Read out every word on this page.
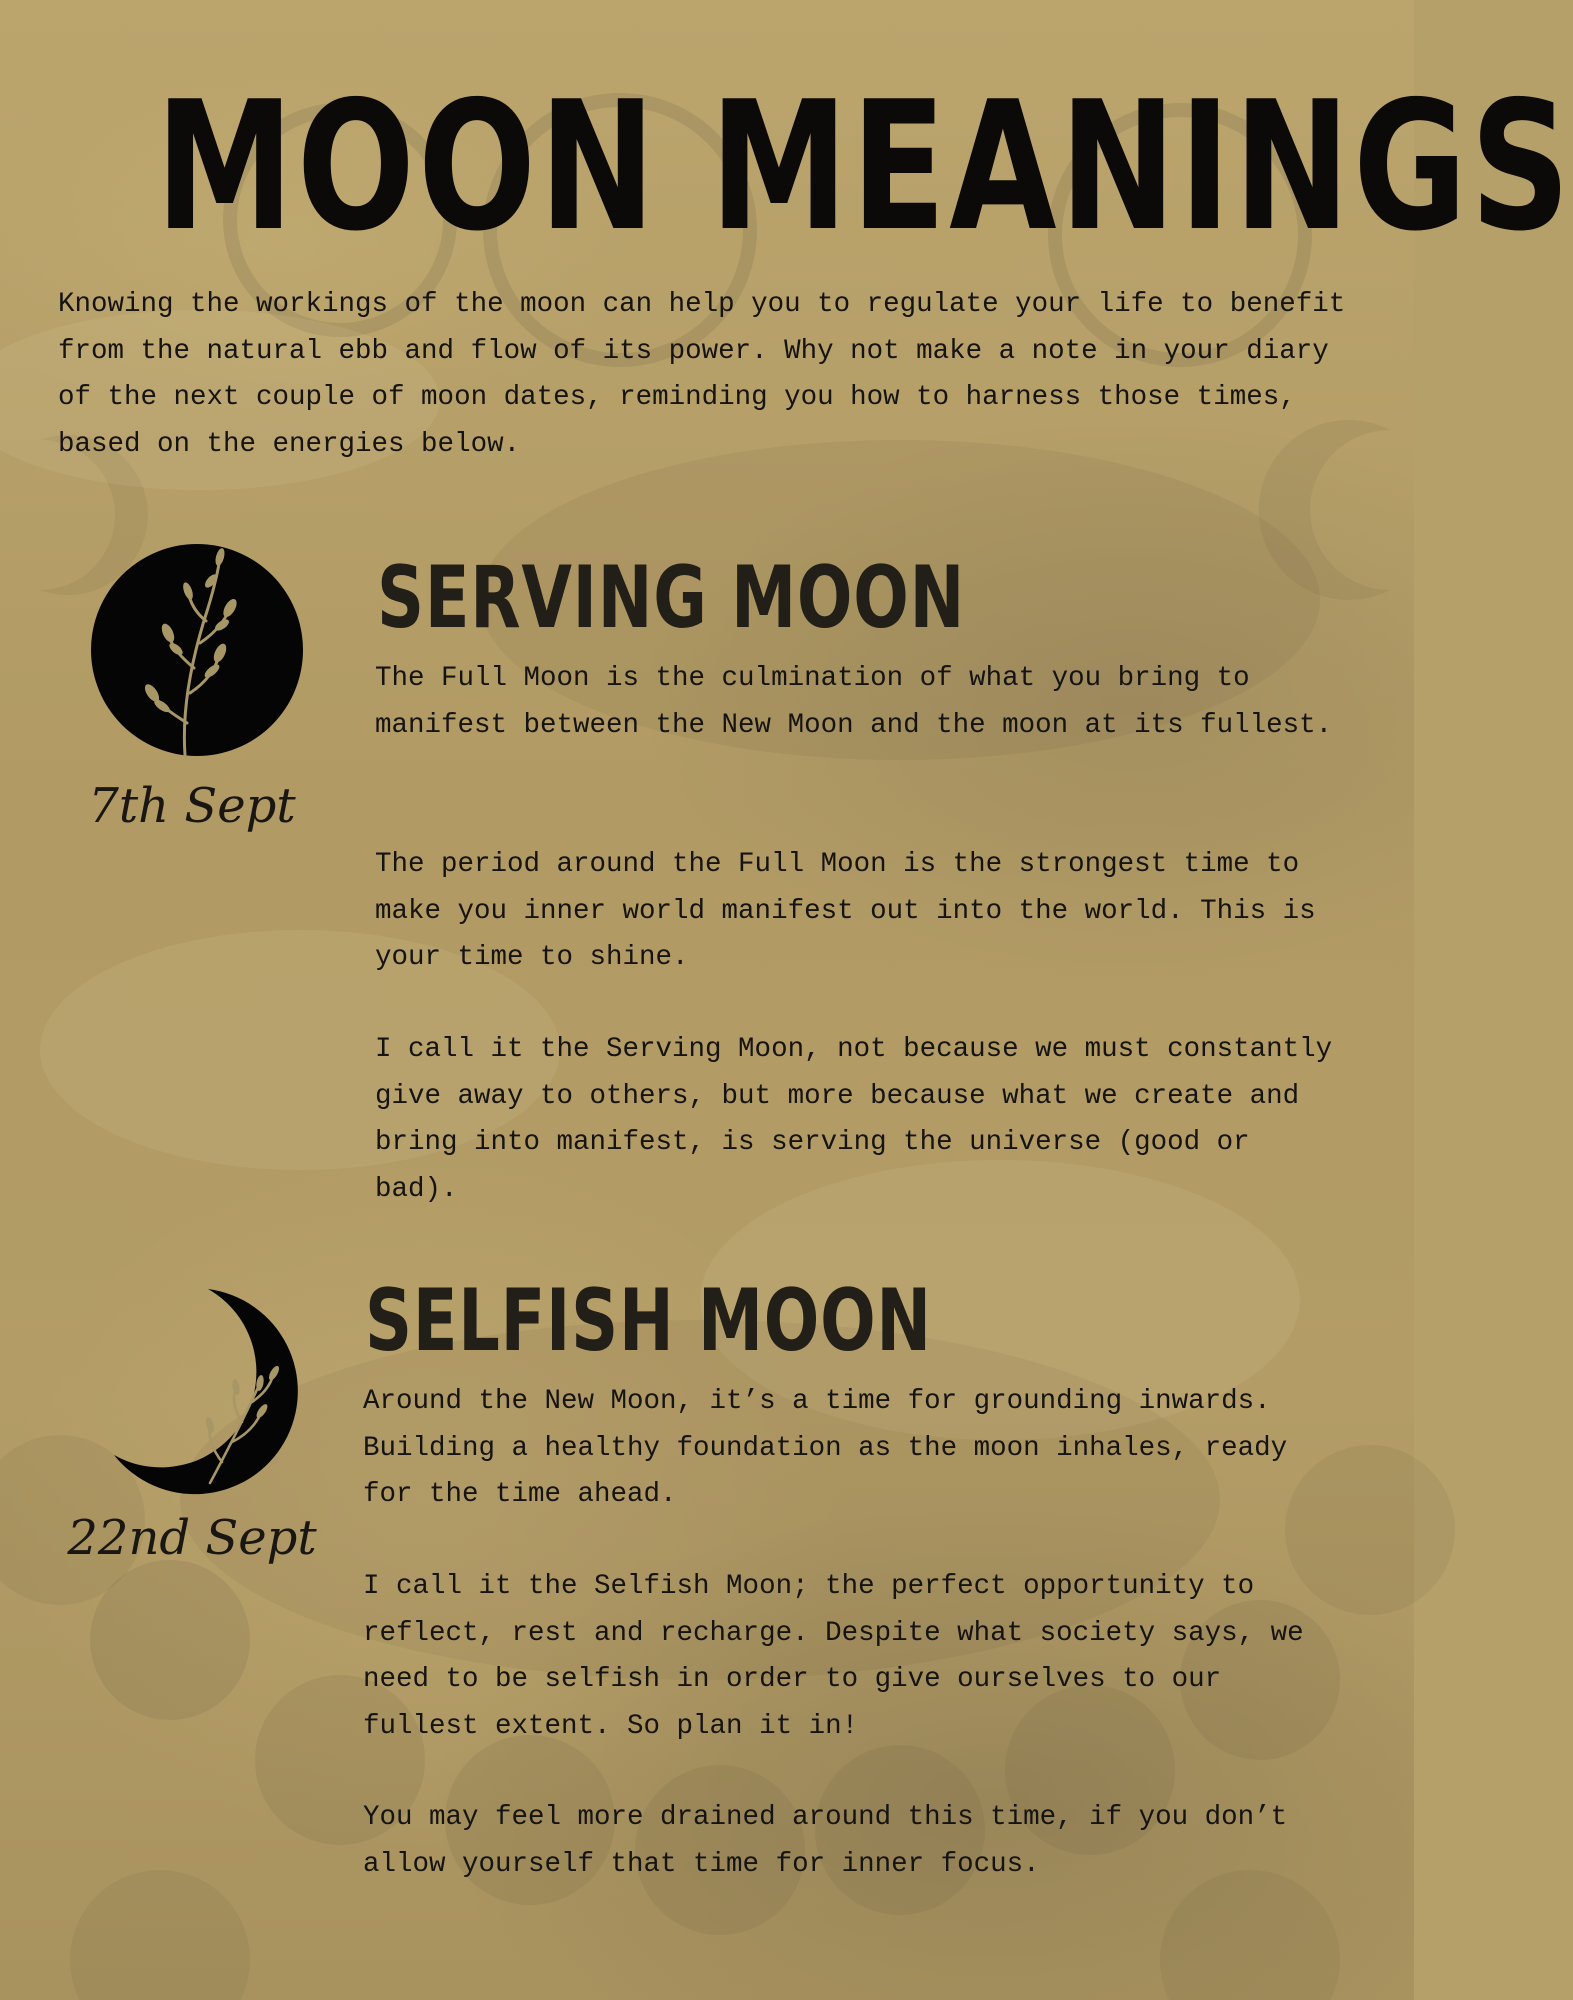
MOON MEANINGS

Knowing the workings of the moon can help you to regulate your life to benefit from the natural ebb and flow of its power. Why not make a note in your diary of the next couple of moon dates, reminding you how to harness those times, based on the energies below.

7th Sept
SERVING MOON

The Full Moon is the culmination of what you bring to manifest between the New Moon and the moon at its fullest.

The period around the Full Moon is the strongest time to make you inner world manifest out into the world. This is your time to shine.

I call it the Serving Moon, not because we must constantly give away to others, but more because what we create and bring into manifest, is serving the universe (good or bad).

22nd Sept
SELFISH MOON

Around the New Moon, it’s a time for grounding inwards. Building a healthy foundation as the moon inhales, ready for the time ahead.

I call it the Selfish Moon; the perfect opportunity to reflect, rest and recharge. Despite what society says, we need to be selfish in order to give ourselves to our fullest extent. So plan it in!

You may feel more drained around this time, if you don’t allow yourself that time for inner focus.
